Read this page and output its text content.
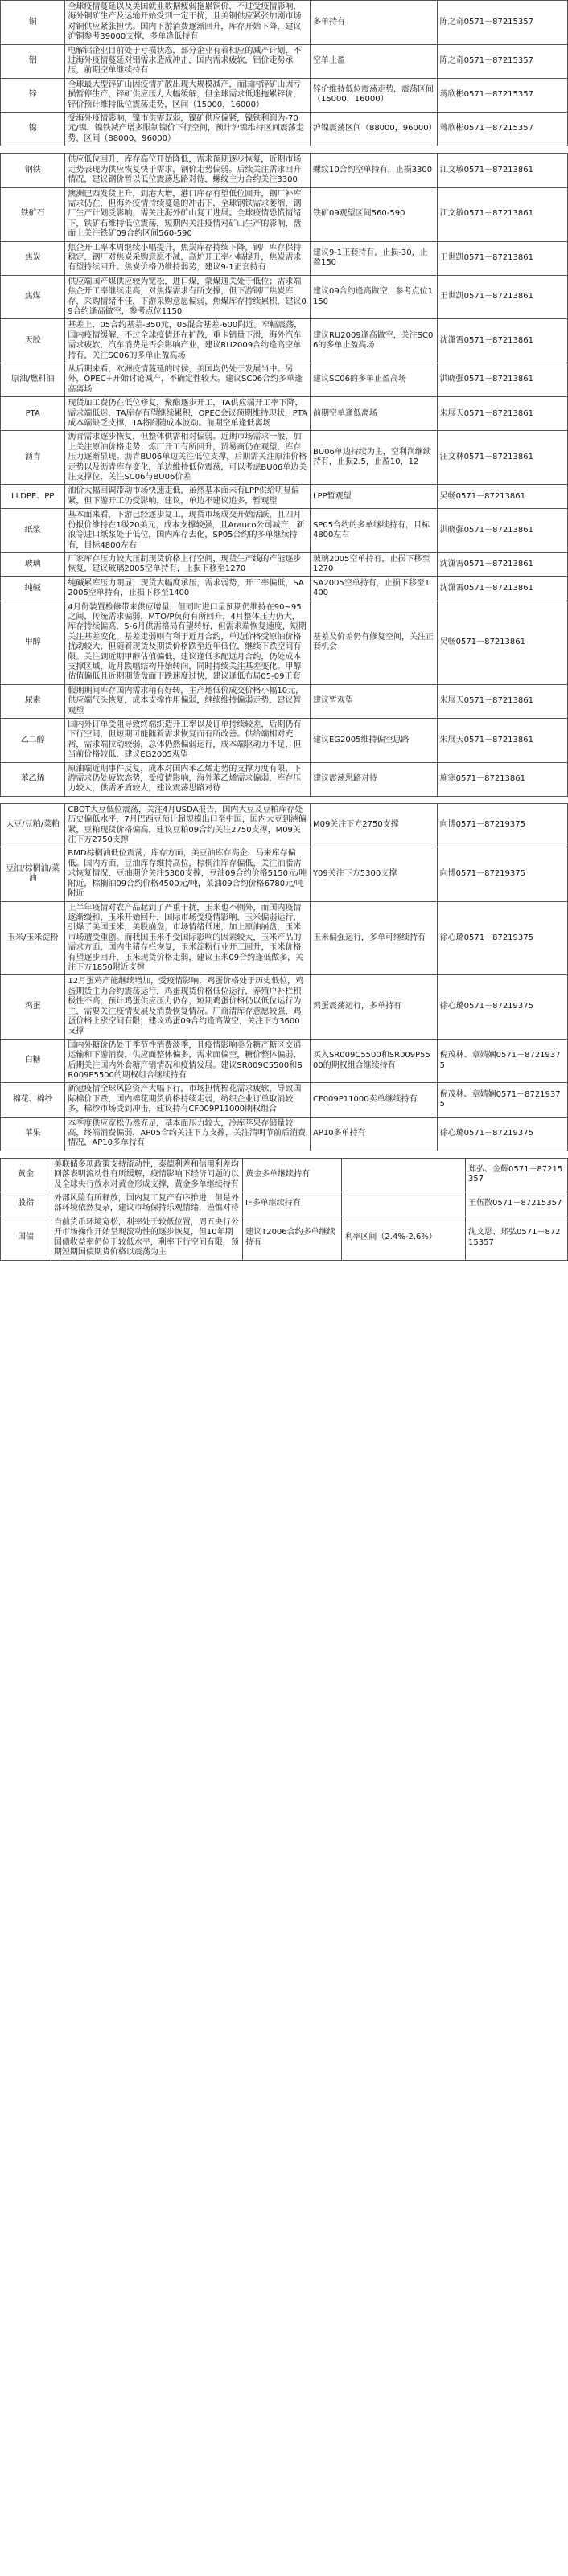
铜	全球疫情蔓延以及美国就业数据疲弱拖累铜价，不过受疫情影响，海外铜矿生产及运输开始受到一定干扰，且美铜供应紧张加剧市场对铜供应紧张担忧。国内下游消费逐渐回升，库存开始下降，建议沪铜参考39000支撑，多单逢低持有	多单持有	陈之奇0571－87215357
铝	电解铝企业目前处于亏损状态，部分企业有着相应的减产计划，不过海外疫情蔓延对铝需求造成冲击，国内需求疲软，铝价走势承压，前期空单继续持有	空单止盈	陈之奇0571－87215357
锌	全球最大型锌矿山因疫情扩散出现大规模减产，而国内锌矿山因亏损暂停生产，锌矿供应压力大幅缓解，但全球需求低迷拖累锌价，锌价预计维持低位震荡走势，区间（15000，16000）	锌价维持低位震荡走势，震荡区间（15000，16000）	蒋欣彬0571－87215357
镍	受海外疫情影响，镍市供需双弱，镍矿供应偏紧，镍铁利润为-70元/镍，镍铁减产增多限制镍价下行空间，预计沪镍维持区间震荡走势，区间（88000，96000）	沪镍震荡区间（88000，96000）	蒋欣彬0571－87215357
钢铁	供应低位回升，库存高位开始降低，需求预期逐步恢复，近期市场走势表现为供应恢复快于需求，钢价走势偏弱。后续关注需求回升情况，建议钢价暂以低位震荡思路对待，螺纹主力合约关注3300	螺纹10合约空单持有，止损3300	江文敏0571－87213861
铁矿石	澳洲巴西发货上升，到港大增，港口库存有望低位回升，钢厂补库需求仍在，但海外疫情持续蔓延的冲击下，全球钢铁需求萎缩，钢厂生产计划受影响，需关注海外矿山复工进展。全球疫情恐慌情绪下，铁矿石维持低位震荡，短期内关注疫情对矿山生产的影响，盘面上关注铁矿09合约区间560-590	铁矿09观望区间560-590	江文敏0571－87213861
焦炭	焦企开工率本周继续小幅提升，焦炭库存持续下降，钢厂库存保持稳定，钢厂对焦炭采购意愿不减，高炉开工率小幅提升，焦炭需求有望持续回升。焦炭价格仍维持弱势，建议9-1正套持有	建议9-1正套持有，止损-30，止盈150	王世凯0571－87213861
焦煤	供应端国产煤供应较为宽松，进口煤，蒙煤通关处于低位；需求端焦企开工率继续走高，对焦煤需求有所支撑，但下游钢厂焦炭库存，采购情绪不佳，下游采购意愿偏弱，焦煤库存持续累积，建议09合约逢高做空，参考点位1150	建议09合约逢高做空，参考点位1150	王世凯0571－87213861
天胶	基差上，05合约基差-350元，05混合基差-600附近。窄幅震荡，国内疫情缓解，不过全球疫情还在扩散，重卡销量下滑，海外汽车需求疲软，汽车消费是否会影响产业，建议RU2009合约逢高空单持有，关注SC06的多单止盈高场	建议RU2009逢高做空，关注SC06的多单止盈高场	沈潇霄0571－87213861
原油/燃料油	从后期来看，欧洲疫情蔓延的时候，美国均仍处于发展当中。另外，OPEC+开始讨论减产，不确定性较大。建议SC06合约多单逢高离场	建议SC06的多单止盈高场	洪晓强0571－87213861
PTA	现货加工费仍在低位修复，聚酯逐步开工，TA供应端开工率下降，需求端低迷，TA库存有望继续累积，OPEC会议预期维持现状，PTA成本端缺乏支撑，TA将跟随成本波动。前期空单逢低离场	前期空单逢低离场	朱展天0571－87213861
沥青	沥青需求逐步恢复，但整体供需相对偏弱。近期市场需求一般，加上关注原油价格走势；炼厂开工有所回升，贸易商仍在观望，库存压力逐渐显现。沥青BU06单边关注低位支撑，后期需关注原油价格走势以及沥青库存变化，单边维持低位震荡，可以考虑BU06单边关注支撑位，关注SC06与BU06价差	BU06单边持续为主，空利润继续持有，止损2.5，止盈10，12	汪文林0571－87213861
LLDPE、PP	油价大幅回调带动市场快速走低，虽然基本面未有LPP供给明显偏紧，但下游开工仍受影响，建议，单边不建议追多，暂观望	LPP暂观望	吴畅0571－87213861
纸浆	基本面来看，下游已经逐步复工，现货市场成交开始活跃，且四月份报价维持在1级20美元，成本支撑较强，且Arauco公司减产，新浪等进口纸浆处于低位，国内库存去化，SP05合约的多单继续持有，目标4800左右	SP05合约的多单继续持有，目标4800左右	洪晓强0571－87213861
玻璃	厂家库存压力较大压制现货价格上行空间，现货生产线的产能逐步恢复，建议玻璃2005空单持有，止损下移至1270	玻璃2005空单持有，止损下移至1270	沈潇霄0571－87213861
纯碱	纯碱累库压力明显，现货大幅度承压，需求弱势，开工率偏低，SA2005空单持有，止损下移至1400	SA2005空单持有，止损下移至1400	沈潇霄0571－87213861
甲醇	4月份装置检修带来供应增量，但同时进口量预期仍维持在90~95之间，传统需求偏弱，MTO/P负荷有所回升，4月整体压力仍大，库存持续偏高，5-6月供需格局有望转好，但需求端恢复速度，短期关注基差变化。基差走弱则有利于近月合约，单边价格受原油价格扰动较大，但随着现货及期货价格跌至近年低位，继续下跌空间有限。关注到近期甲醇估值偏低，建议逢低多配远月合约，仍处成本支撑区域，近月跌幅结构开始转向，同时持续关注基差变化。甲醇估值偏低且近期期货盘面下跌速度过快，建议逢低布局05-09正套	基差及价差仍有修复空间，关注正套机会	吴畅0571－87213861
尿素	假期期间库存国内需求稍有好转，主产地低价成交价格小幅10元，供应端气头恢复，成本支撑作用偏弱，继续维持偏弱走势，建议暂观望	建议暂观望	朱展天0571－87213861
乙二醇	国内外订单受阻导致终端织造开工率以及订单持续较差，后期仍有下行空间，但短期可能随着需求恢复而有所改善。供给端相对充裕，需求端拉动较弱，总体仍然偏弱运行，成本端驱动力不足，但当前价格较低，建议EG2005观望	建议EG2005维持偏空思路	朱展天0571－87213861
苯乙烯	原油端近期事件反复，成本对国内苯乙烯走势的支撑力度有限，下游需求仍处疲软态势，受疫情影响，海外苯乙烯需求偏弱，库存压力较大，供需矛盾较大，建议震荡思路对待	建议震荡思路对待	施寒0571－87213861
大豆/豆粕/菜粕	CBOT大豆低位震荡，关注4月USDA报告，国内大豆及豆粕库存处历史偏低水平，7月巴西豆预计超规模出口至中国，国内大豆到港偏紧，豆粕现货价格偏高，建议豆粕09合约关注2750支撑，M09关注下方2750支撑	M09关注下方2750支撑	向博0571－87219375
豆油/棕榈油/菜油	BMD棕榈油低位震荡，库存方面，美豆油库存高企，马来库存偏低。国内方面，豆油库存维持高位，棕榈油库存偏低，关注油脂需求恢复情况，豆油期价关注5300支撑，豆油09合约价格5150元/吨附近，棕榈油09合约价格4500元/吨，菜油09合约价格6780元/吨附近	Y09关注下方5300支撑	向博0571－87219375
玉米/玉米淀粉	上半年疫情对农产品起到了严重干扰，玉米也不例外，而国内疫情逐渐缓和，玉米开始回升，国际市场受疫情影响，玉米偏弱运行，引爆了美国玉米，美股崩盘，市场情绪低迷，加上原油崩盘，玉米市场遭受重创。而我国玉米不受国际影响的因素较大，玉米产品的需求方面，国内生猪存栏恢复，玉米淀粉行业开工回升，玉米价格有望逐步回升，玉米现货价格走弱，建议玉米09合约逢低做多，关注下方1850附近支撑	玉米偏强运行，多单可继续持有	徐心璐0571－87219375
鸡蛋	12月蛋鸡产能继续增加，受疫情影响，鸡蛋价格处于历史低位，鸡蛋期货主力合约震荡运行，鸡蛋现货价格低位运行，养殖户补栏积极性不高，预计鸡蛋供应压力仍存，短期鸡蛋价格仍以低位运行为主，需要关注疫情发展及消费恢复情况。厂商清库存意愿较强，鸡蛋价格上涨空间有限，建议鸡蛋09合约逢高做空，关注下方3600支撑	鸡蛋震荡运行，多单持有	徐心璐0571－87219375
白糖	国内外糖价仍处于季节性消费淡季，且疫情影响美分糖产糖区交通运输和下游消费，供应面整体偏多，需求面偏空，糖价整体偏弱，后期关注国内外食糖产销情况和疫情发展。建议SR009C5500和SR009P5500的期权组合继续持有	买入SR009C5500和SR009P5500的期权组合继续持有	倪茂林、章婧娴0571－87219375
棉花、棉纱	新冠疫情全球风险资产大幅下行，市场担忧棉花需求疲软，导致国际棉价下跌，国内棉花期货价格持续走弱，纺织企业订单取消较多，棉纱市场受到冲击，建议持有CF009P11000期权组合	CF009P11000卖单继续持有	倪茂林、章婧娴0571－87219375
苹果	本季度供应宽松仍然充足，基本面压力较大，冷库苹果存储量较高，终端消费偏弱，AP05合约关注下方支撑，关注清明节前后消费情况，AP10多单持有	AP10多单持有	徐心璐0571－87219375
黄金	美联储多项政策支持流动性，泰德利差和信用利差均回落表明流动性有所缓解，疫情影响下经济问题的以及全球央行放水对黄金形成支撑，黄金多单继续持有	黄金多单继续持有		郑弘、金辉0571－87215357
股指	外部风险有所释放，国内复工复产有序推进，但是外部环境依然复杂，建议市场保持乐观情绪，谨慎对待	IF多单继续持有		王伍散0571－87215357
国债	当前货币环境宽松，利率处于较低位置，周五央行公开市场操作开始呈现流动性的逐步恢复，但10年期国债收益率仍位于较低水平，利率下行空间有限，预期短期国债期货价格以震荡为主	建议T2006合约多单继续持有	利率区间（2.4%-2.6%）	沈文思、郑弘0571－87215357
